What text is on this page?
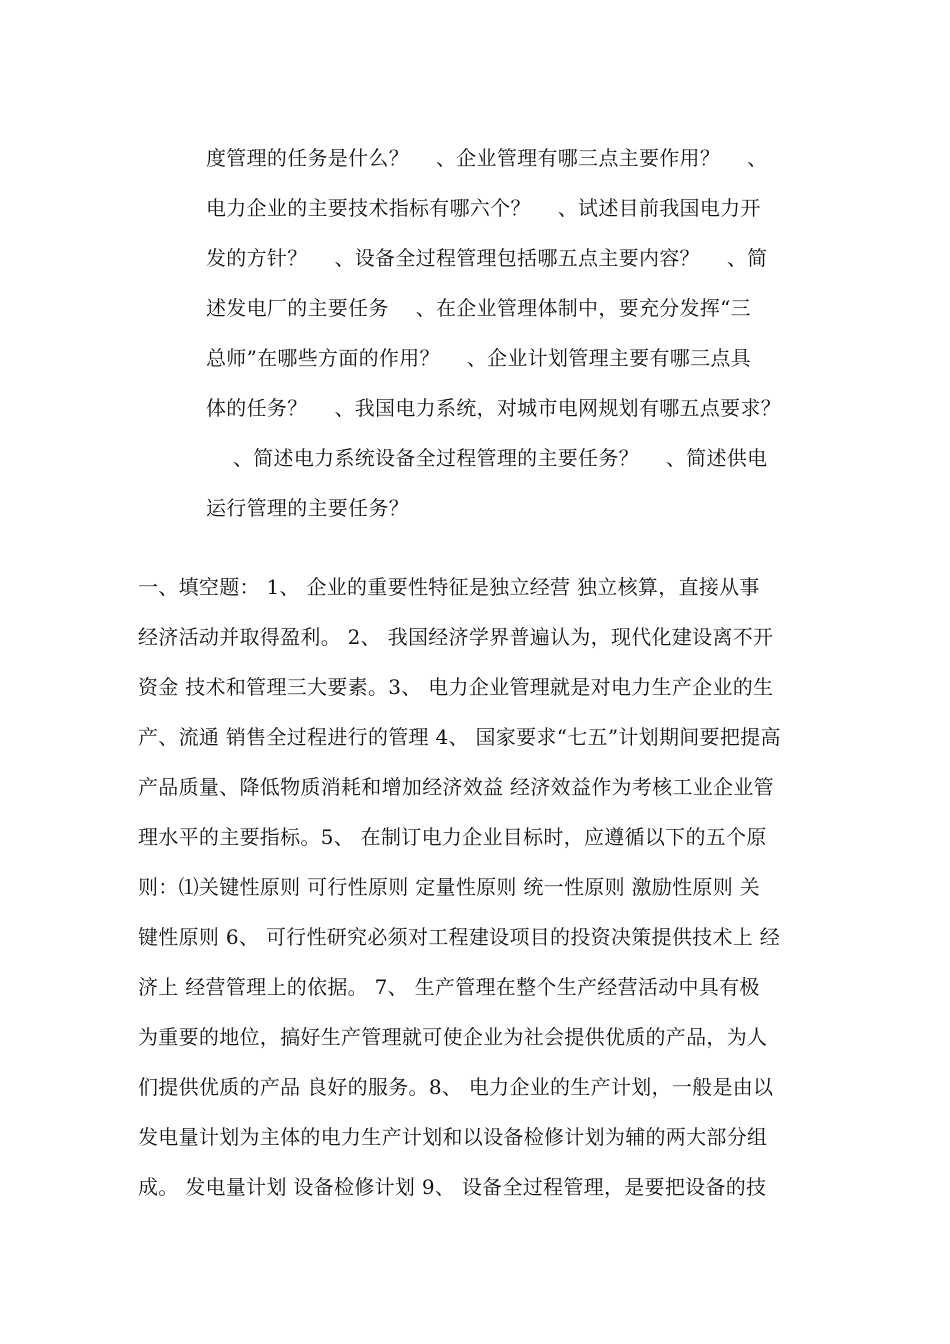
度管理的任务是什么？　 、企业管理有哪三点主要作用？　 、
电力企业的主要技术指标有哪六个？　 、试述目前我国电力开
发的方针？　 、设备全过程管理包括哪五点主要内容？　 、简
述发电厂的主要任务　 、在企业管理体制中，要充分发挥“三
总师”在哪些方面的作用？　 、企业计划管理主要有哪三点具
体的任务？　 、我国电力系统，对城市电网规划有哪五点要求？
　 、简述电力系统设备全过程管理的主要任务？　 、简述供电
运行管理的主要任务？
一、填空题： 1、 企业的重要性特征是独立经营 独立核算，直接从事
经济活动并取得盈利。 2、 我国经济学界普遍认为，现代化建设离不开
资金 技术和管理三大要素。3、 电力企业管理就是对电力生产企业的生
产、流通 销售全过程进行的管理 4、 国家要求“七五”计划期间要把提高
产品质量、降低物质消耗和增加经济效益 经济效益作为考核工业企业管
理水平的主要指标。5、 在制订电力企业目标时，应遵循以下的五个原
则：⑴关键性原则 可行性原则 定量性原则 统一性原则 激励性原则 关
键性原则 6、 可行性研究必须对工程建设项目的投资决策提供技术上 经
济上 经营管理上的依据。 7、 生产管理在整个生产经营活动中具有极
为重要的地位，搞好生产管理就可使企业为社会提供优质的产品，为人
们提供优质的产品 良好的服务。8、 电力企业的生产计划，一般是由以
发电量计划为主体的电力生产计划和以设备检修计划为辅的两大部分组
成。 发电量计划 设备检修计划 9、 设备全过程管理，是要把设备的技
